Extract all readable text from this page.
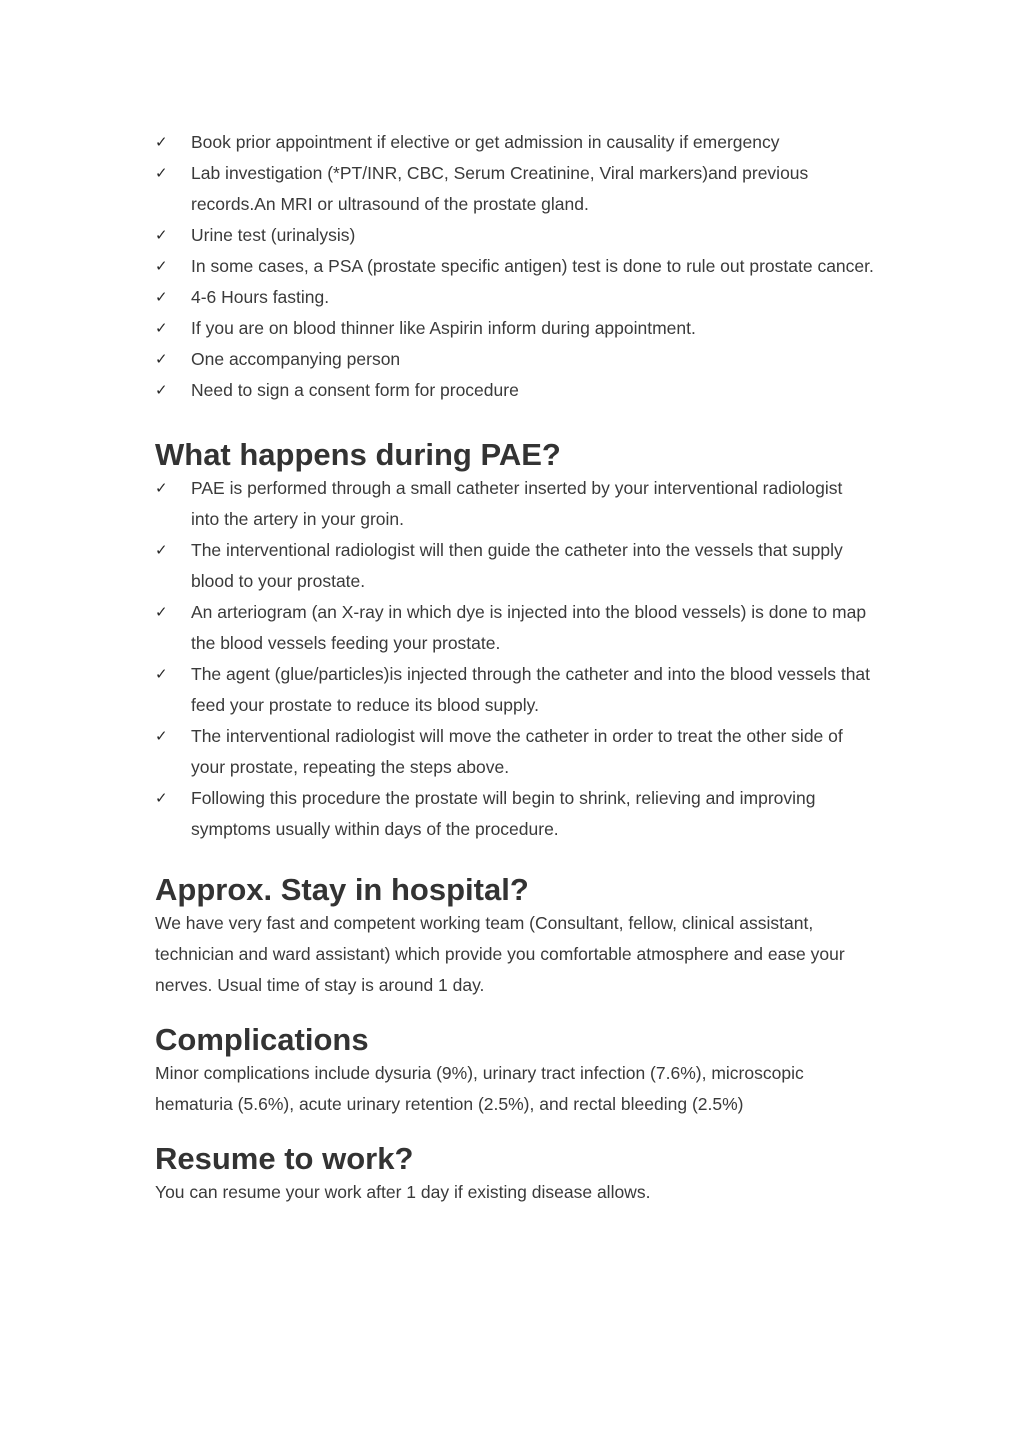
✓	Book prior appointment if elective or get admission in causality if emergency
✓	Lab investigation (*PT/INR, CBC, Serum Creatinine, Viral markers)and previous records.An MRI or ultrasound of the prostate gland.
✓	Urine test (urinalysis)
✓	In some cases, a PSA (prostate specific antigen) test is done to rule out prostate cancer.
✓	4-6 Hours fasting.
✓	If you are on blood thinner like Aspirin inform during appointment.
✓	One accompanying person
✓	Need to sign a consent form for procedure
What happens during PAE?
✓	PAE is performed through a small catheter inserted by your interventional radiologist into the artery in your groin.
✓	The interventional radiologist will then guide the catheter into the vessels that supply blood to your prostate.
✓	An arteriogram (an X-ray in which dye is injected into the blood vessels) is done to map the blood vessels feeding your prostate.
✓	The agent (glue/particles)is injected through the catheter and into the blood vessels that feed your prostate to reduce its blood supply.
✓	The interventional radiologist will move the catheter in order to treat the other side of your prostate, repeating the steps above.
✓	Following this procedure the prostate will begin to shrink, relieving and improving symptoms usually within days of the procedure.
Approx. Stay in hospital?

We have very fast and competent working team (Consultant, fellow, clinical assistant, technician and ward assistant) which provide you comfortable atmosphere and ease your nerves. Usual time of stay is around 1 day.

Complications

Minor complications include dysuria (9%), urinary tract infection (7.6%), microscopic hematuria (5.6%), acute urinary retention (2.5%), and rectal bleeding (2.5%)

Resume to work?

You can resume your work after 1 day if existing disease allows.
